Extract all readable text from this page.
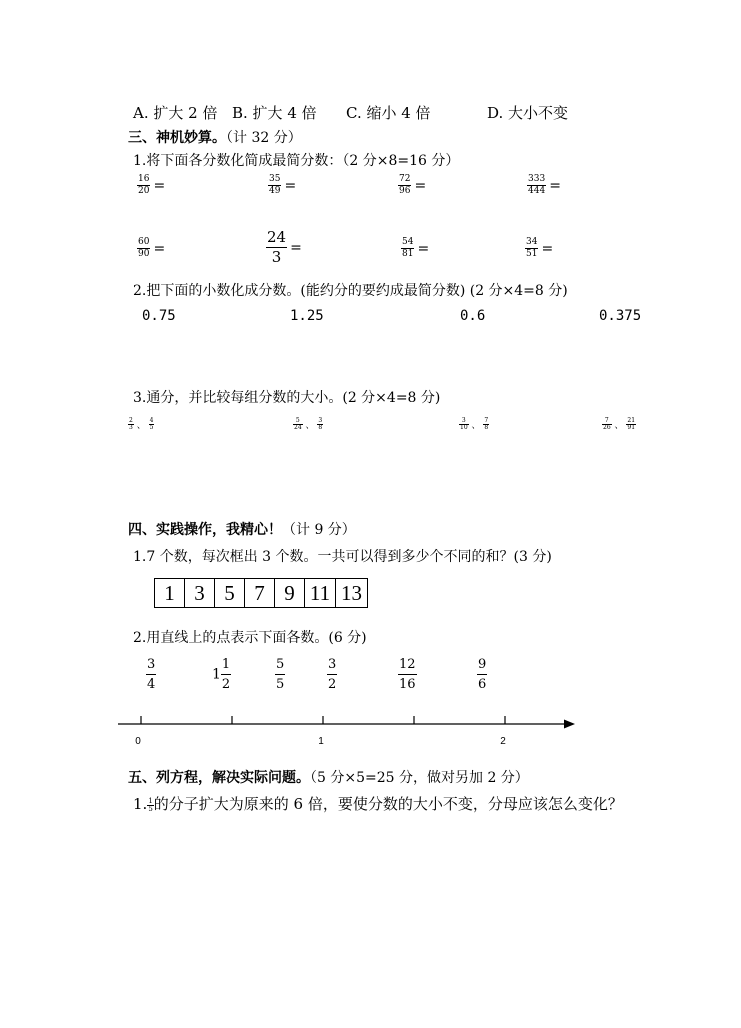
A. 扩大 2 倍 B. 扩大 4 倍 C. 缩小 4 倍	D. 大小不变
三、神机妙算。（计 32 分）
1.将下面各分数化简成最简分数：（2 分×8=16 分）
$\frac{16}{20}$ =	$\frac{35}{49}$ =	$\frac{72}{96}$ =	$\frac{333}{444}$ =
$\frac{60}{90}$ =	$\frac{24}{3}$ =	$\frac{54}{81}$ =	$\frac{34}{51}$ =
2.把下面的小数化成分数。(能约分的要约成最简分数) (2 分×4=8 分)
0.75	1.25	0.6	0.375
3.通分，并比较每组分数的大小。(2 分×4=8 分)
$\frac{2}{3}$ 、 $\frac{4}{5}$	$\frac{5}{24}$ 、 $\frac{3}{8}$	$\frac{3}{10}$ 、 $\frac{7}{8}$	$\frac{7}{26}$ 、 $\frac{21}{91}$
四、实践操作，我精心！（计 9 分）
1.7 个数，每次框出 3 个数。一共可以得到多少个不同的和？(3 分)
1 3 5 7 9 11 13
2.用直线上的点表示下面各数。(6 分)
$\frac{3}{4}$	$1 \frac{1}{2}$	$\frac{5}{5}$	$\frac{3}{2}$	$\frac{12}{16}$	$\frac{9}{6}$
0	1	2
五、列方程，解决实际问题。（5 分×5=25 分，做对另加 2 分）
1. $\frac{1}{5}$ 的分子扩大为原来的 6 倍，要使分数的大小不变，分母应该怎么变化？
